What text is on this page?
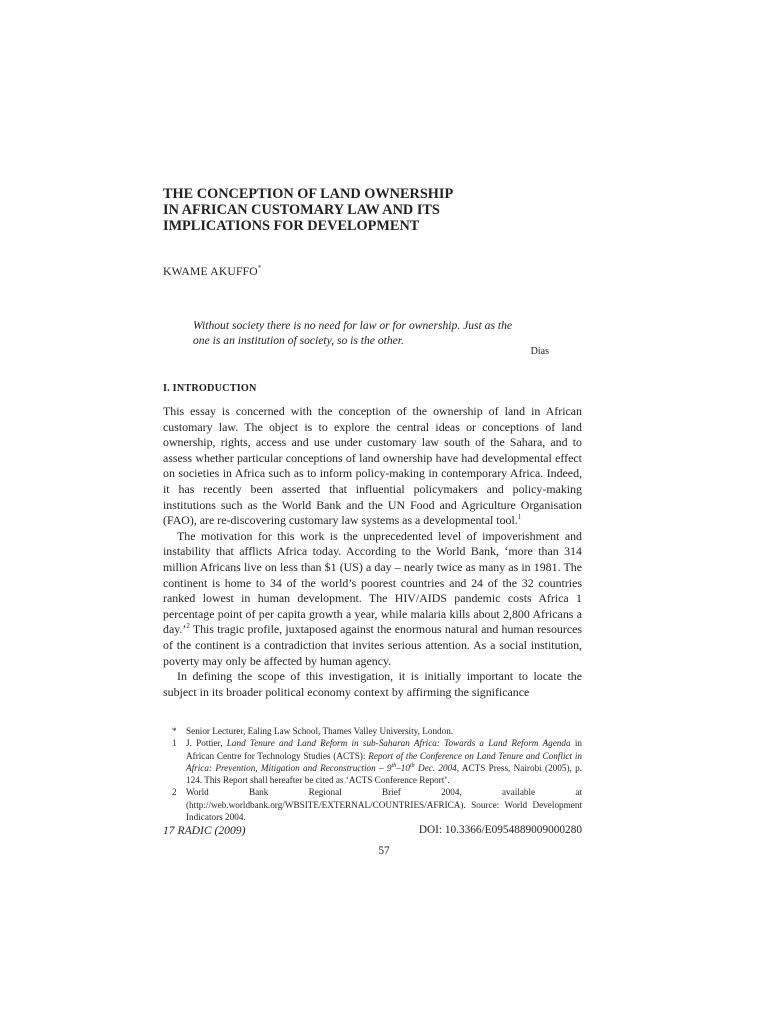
THE CONCEPTION OF LAND OWNERSHIP
IN AFRICAN CUSTOMARY LAW AND ITS
IMPLICATIONS FOR DEVELOPMENT
KWAME AKUFFO*
Without society there is no need for law or for ownership. Just as the
one is an institution of society, so is the other.
Dias
I. INTRODUCTION

This essay is concerned with the conception of the ownership of land in African customary law. The object is to explore the central ideas or conceptions of land ownership, rights, access and use under customary law south of the Sahara, and to assess whether particular conceptions of land ownership have had developmental effect on societies in Africa such as to inform policy-making in contemporary Africa. Indeed, it has recently been asserted that influential policymakers and policy-making institutions such as the World Bank and the UN Food and Agriculture Organisation (FAO), are re-discovering customary law systems as a developmental tool.$^1$

The motivation for this work is the unprecedented level of impoverishment and instability that afflicts Africa today. According to the World Bank, ‘more than 314 million Africans live on less than $1 (US) a day – nearly twice as many as in 1981. The continent is home to 34 of the world’s poorest countries and 24 of the 32 countries ranked lowest in human development. The HIV/AIDS pandemic costs Africa 1 percentage point of per capita growth a year, while malaria kills about 2,800 Africans a day.’$^2$ This tragic profile, juxtaposed against the enormous natural and human resources of the continent is a contradiction that invites serious attention. As a social institution, poverty may only be affected by human agency.

In defining the scope of this investigation, it is initially important to locate the subject in its broader political economy context by affirming the significance

*	Senior Lecturer, Ealing Law School, Thames Valley University, London.
1	J. Pottier, Land Tenure and Land Reform in sub-Saharan Africa: Towards a Land Reform Agenda in African Centre for Technology Studies (ACTS): Report of the Conference on Land Tenure and Conflict in Africa: Prevention, Mitigation and Reconstruction – 9th–10th Dec. 2004, ACTS Press, Nairobi (2005), p. 124. This Report shall hereafter be cited as ‘ACTS Conference Report’.
2	World Bank Regional Brief 2004, available at (http://web.worldbank.org/WBSITE/EXTERNAL/COUNTRIES/AFRICA). Source: World Development Indicators 2004.
17 RADIC (2009)	DOI: 10.3366/E0954889009000280
57
